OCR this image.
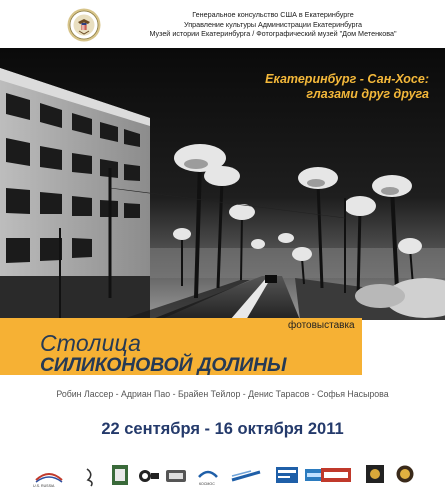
Генеральное консульство США в Екатеринбурге
Управление культуры Администрации Екатеринбурга
Музей истории Екатеринбурга / Фотографический музей "Дом Метенкова"
Екатеринбург - Сан-Хосе:
глазами друг друга
фотовыставка
Столица
СИЛИКОНОВОЙ ДОЛИНЫ
Робин Лассер - Адриан Пао - Брайен Тейлор - Денис Тарасов - Софья Насырова
22 сентября - 16 октября 2011
U.S. RUSSIA	КОСМОС
